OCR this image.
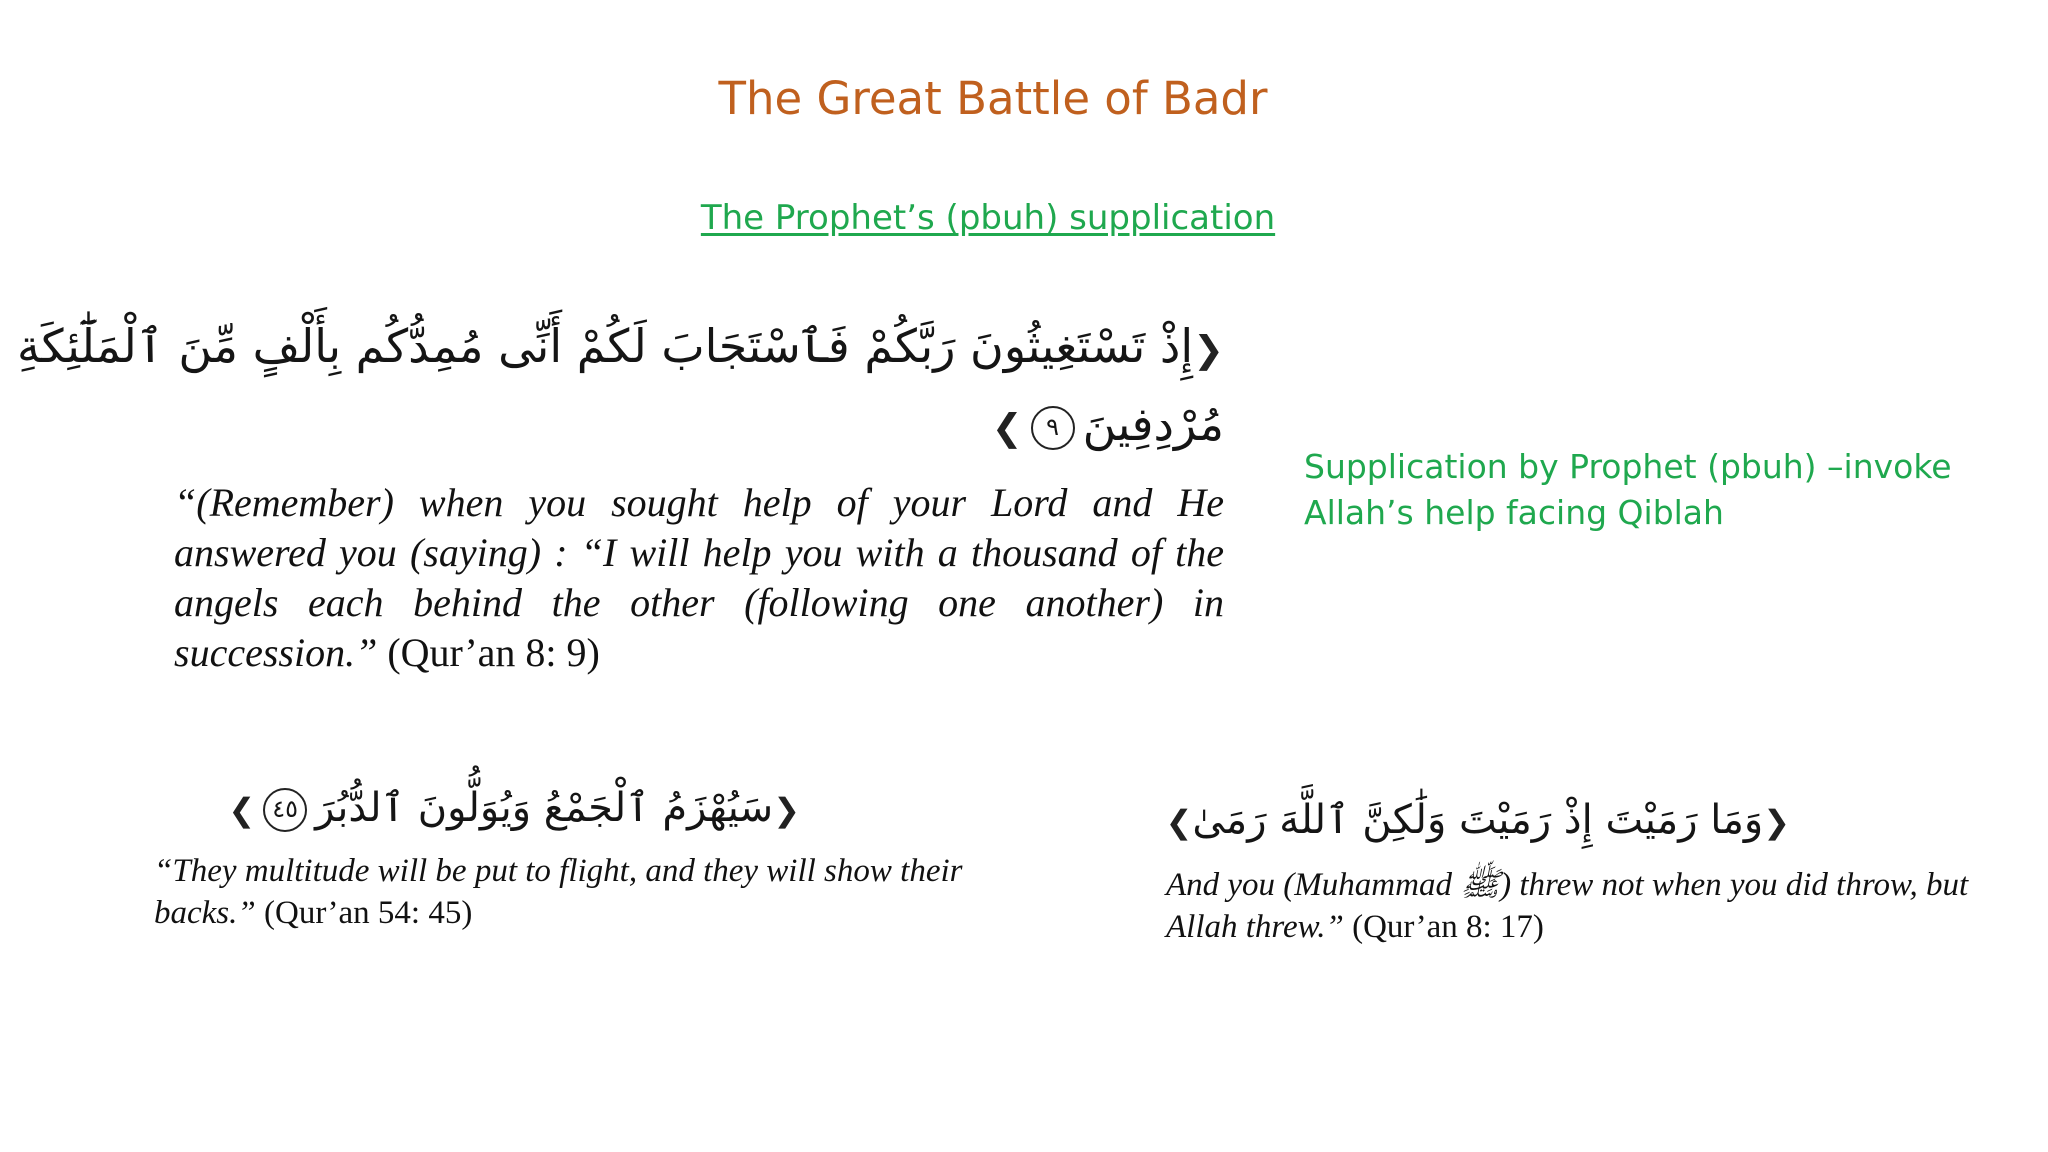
The Great Battle of Badr
The Prophet’s (pbuh) supplication
❮إِذْ تَسْتَغِيثُونَ رَبَّكُمْ فَٱسْتَجَابَ لَكُمْ أَنِّى مُمِدُّكُم بِأَلْفٍ مِّنَ ٱلْمَلَٰٓئِكَةِ
مُرْدِفِينَ٩❯
“(Remember) when you sought help of your Lord and He
answered you (saying) : “I will help you with a thousand of the
angels each behind the other (following one another) in
succession.” (Qur’an 8: 9)
Supplication by Prophet (pbuh) –invoke
Allah’s help facing Qiblah
❮سَيُهْزَمُ ٱلْجَمْعُ وَيُوَلُّونَ ٱلدُّبُرَ٤٥❯
“They multitude will be put to flight, and they will show their
backs.” (Qur’an 54: 45)
❮وَمَا رَمَيْتَ إِذْ رَمَيْتَ وَلَٰكِنَّ ٱللَّهَ رَمَىٰ❯
And you (Muhammad ﷺ) threw not when you did throw, but
Allah threw.” (Qur’an 8: 17)
